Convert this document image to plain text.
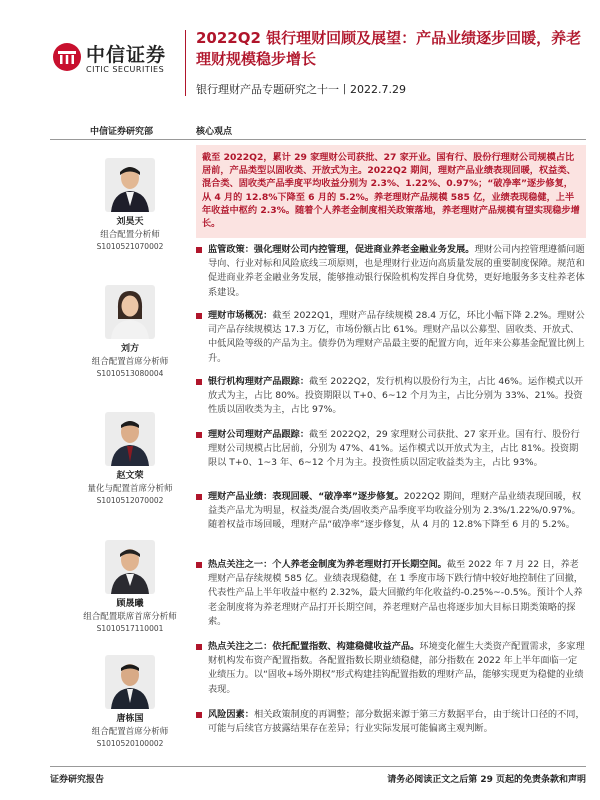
中信证券
CITIC SECURITIES
2022Q2 银行理财回顾及展望：产品业绩逐步回暖，养老理财规模稳步增长
银行理财产品专题研究之十一丨2022.7.29
中信证券研究部	核心观点
刘昊天
组合配置分析师
S1010521070002
刘方
组合配置首席分析师
S1010513080004
赵文荣
量化与配置首席分析师
S1010512070002
顾晟曦
组合配置联席首席分析师
S1010517110001
唐栋国
组合配置首席分析师
S1010520100002
截至 2022Q2，累计 29 家理财公司获批、27 家开业。国有行、股份行理财公司规模占比居前，产品类型以固收类、开放式为主。2022Q2 期间，理财产品业绩表现回暖，权益类、混合类、固收类产品季度平均收益分别为 2.3%、1.22%、0.97%；“破净率”逐步修复，从 4 月的 12.8%下降至 6 月的 5.2%。养老理财产品规模 585 亿，业绩表现稳健，上半年收益中枢约 2.3%。随着个人养老金制度相关政策落地，养老理财产品规模有望实现稳步增长。
监管政策：强化理财公司内控管理，促进商业养老金融业务发展。理财公司内控管理遵循问题导向、行业对标和风险底线三项原则，也是理财行业迈向高质量发展的重要制度保障。规范和促进商业养老金融业务发展，能够推动银行保险机构发挥自身优势，更好地服务多支柱养老体系建设。
理财市场概况：截至 2022Q1，理财产品存续规模 28.4 万亿，环比小幅下降 2.2%。理财公司产品存续规模达 17.3 万亿，市场份额占比 61%。理财产品以公募型、固收类、开放式、中低风险等级的产品为主。债券仍为理财产品最主要的配置方向，近年来公募基金配置比例上升。
银行机构理财产品跟踪：截至 2022Q2，发行机构以股份行为主，占比 46%。运作模式以开放式为主，占比 80%。投资期限以 T+0、6~12 个月为主，占比分别为 33%、21%。投资性质以固收类为主，占比 97%。
理财公司理财产品跟踪：截至 2022Q2，29 家理财公司获批、27 家开业。国有行、股份行理财公司规模占比居前，分别为 47%、41%。运作模式以开放式为主，占比 81%。投资期限以 T+0、1~3 年、6~12 个月为主。投资性质以固定收益类为主，占比 93%。
理财产品业绩：表现回暖、“破净率”逐步修复。2022Q2 期间，理财产品业绩表现回暖，权益类产品尤为明显，权益类/混合类/固收类产品季度平均收益分别为 2.3%/1.22%/0.97%。随着权益市场回暖，理财产品“破净率”逐步修复，从 4 月的 12.8%下降至 6 月的 5.2%。
热点关注之一：个人养老金制度为养老理财打开长期空间。截至 2022 年 7 月 22 日，养老理财产品存续规模 585 亿。业绩表现稳健，在 1 季度市场下跌行情中较好地控制住了回撤，代表性产品上半年收益中枢约 2.32%，最大回撤约年化收益约-0.25%~-0.5%。预计个人养老金制度将为养老理财产品打开长期空间，养老理财产品也将逐步加大目标日期类策略的探索。
热点关注之二：依托配置指数、构建稳健收益产品。环境变化催生大类资产配置需求，多家理财机构发布资产配置指数。各配置指数长期业绩稳健，部分指数在 2022 年上半年面临一定业绩压力。以“固收+场外期权”形式构建挂钩配置指数的理财产品，能够实现更为稳健的业绩表现。
风险因素：相关政策制度的再调整；部分数据来源于第三方数据平台，由于统计口径的不同，可能与后续官方披露结果存在差异；行业实际发展可能偏离主观判断。
证券研究报告	请务必阅读正文之后第 29 页起的免责条款和声明
